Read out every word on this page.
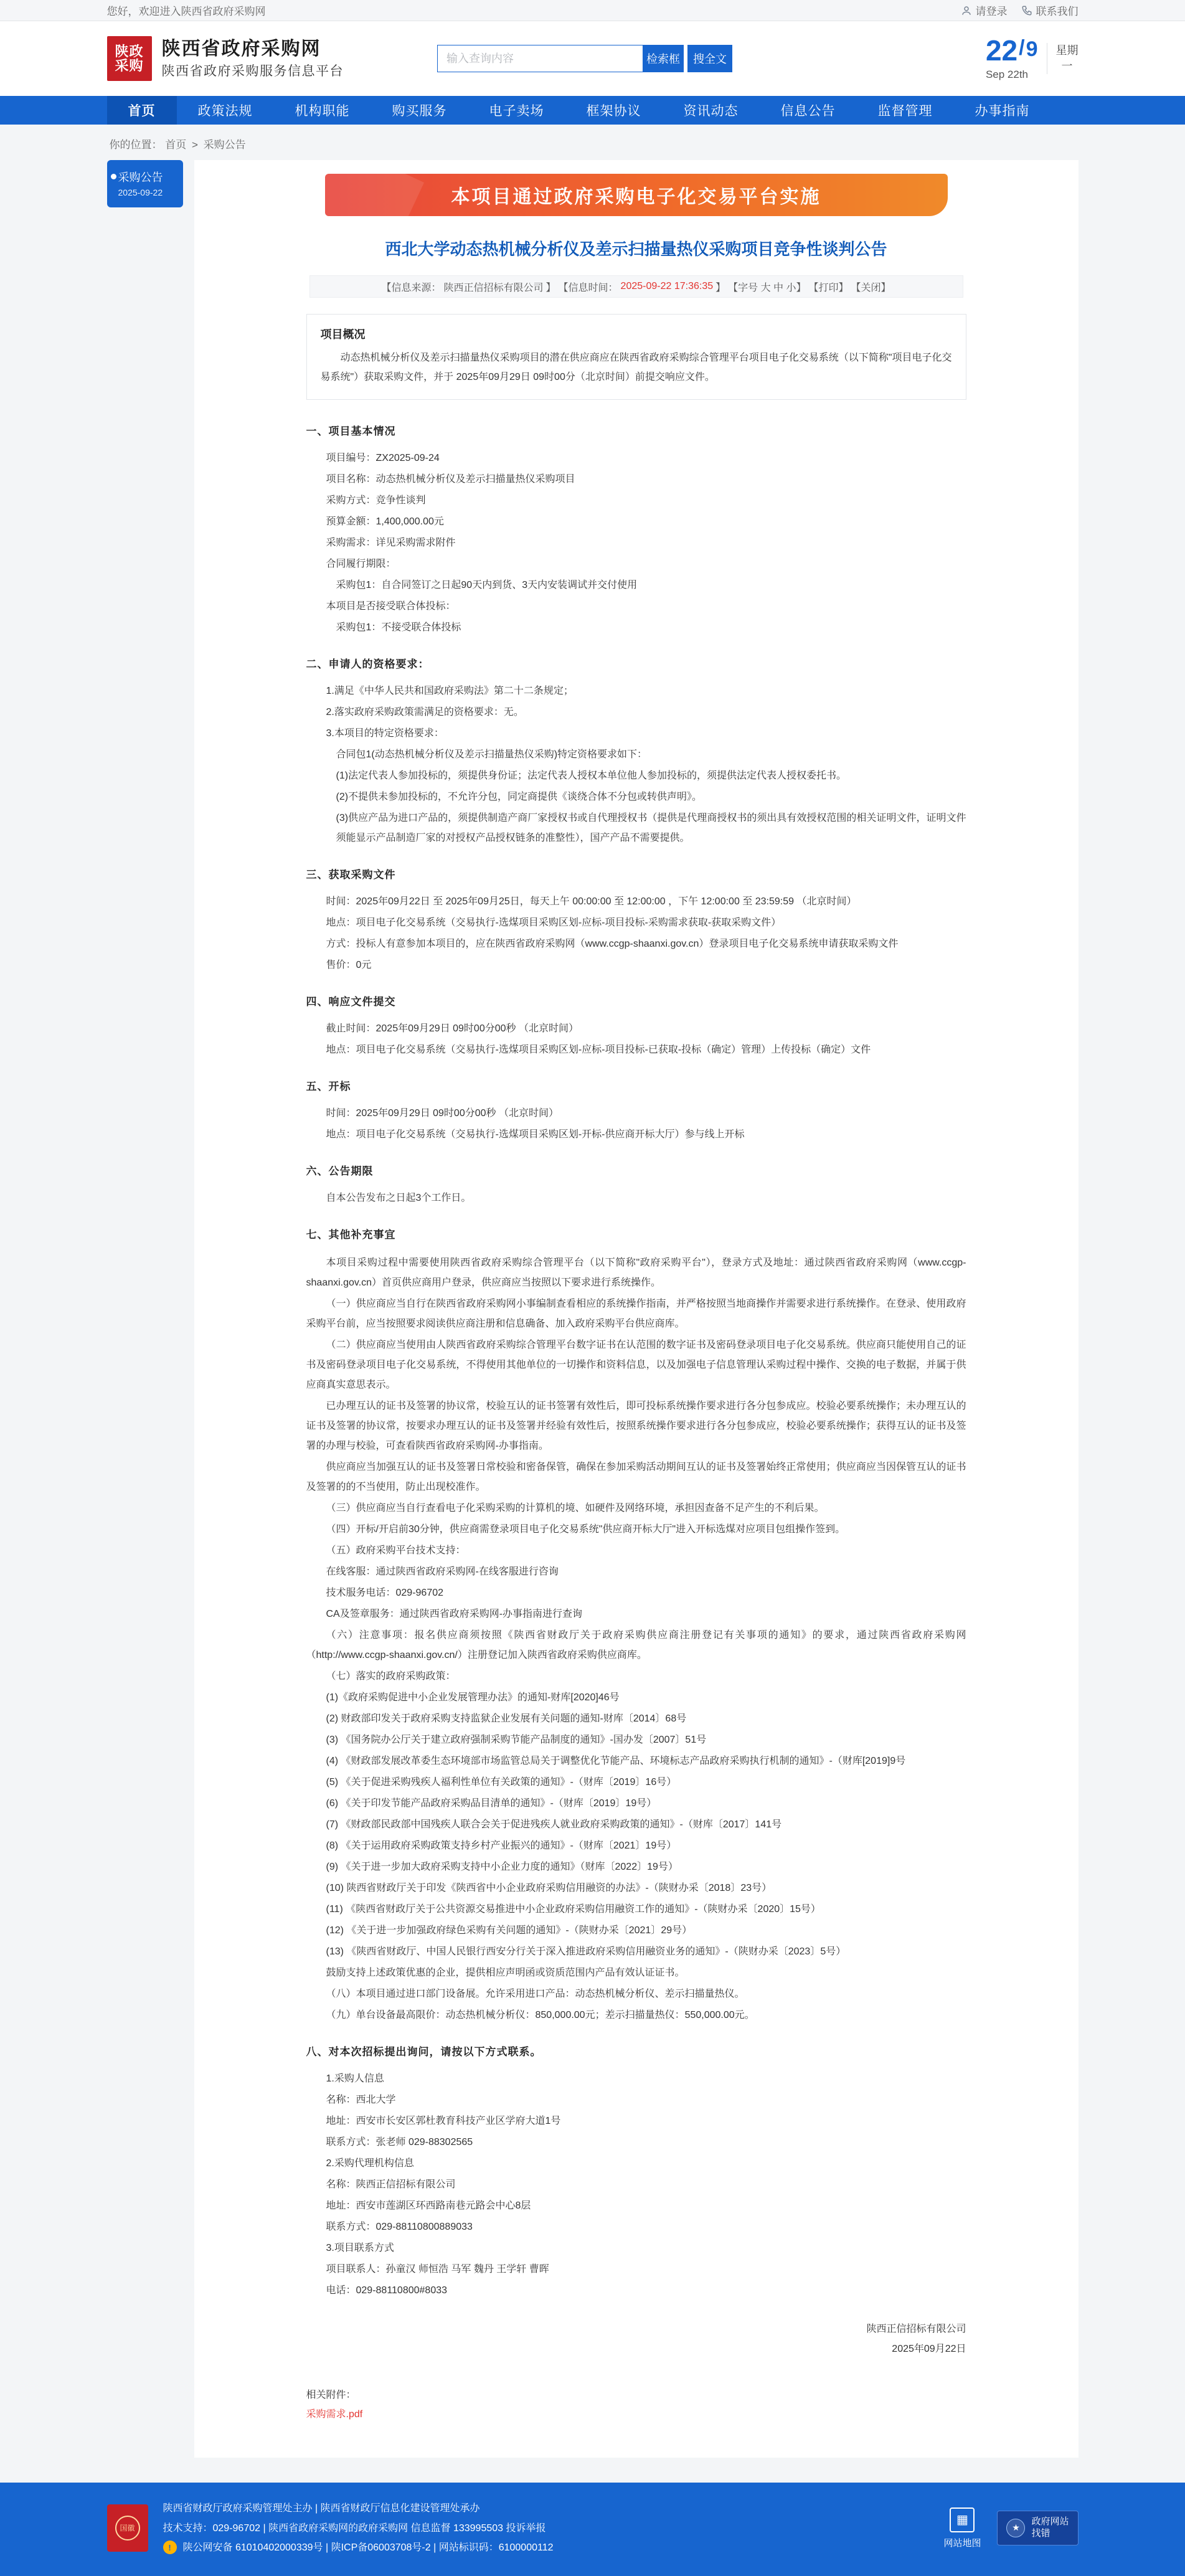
您好，欢迎进入陕西省政府采购网	请登录	联系我们
陕政
采购
陕西省政府采购网
陕西省政府采购服务信息平台
输入查询内容
检索框	搜全文	22 / 9
Sep 22th
星期
一
首页	政策法规	机构职能	购买服务	电子卖场	框架协议	资讯动态	信息公告	监督管理	办事指南
你的位置： 首页 > 采购公告
采购公告
2025-09-22	本项目通过政府采购电子化交易平台实施
西北大学动态热机械分析仪及差示扫描量热仪采购项目竞争性谈判公告
【信息来源： 陕西正信招标有限公司 】 【信息时间： 2025-09-22 17:36:35 】 【字号 大 中 小】 【打印】 【关闭】
项目概况

动态热机械分析仪及差示扫描量热仪采购项目的潜在供应商应在陕西省政府采购综合管理平台项目电子化交易系统（以下简称"项目电子化交易系统"）获取采购文件，并于 2025年09月29日 09时00分（北京时间）前提交响应文件。

一、项目基本情况

项目编号：ZX2025-09-24

项目名称：动态热机械分析仪及差示扫描量热仪采购项目

采购方式：竞争性谈判

预算金额：1,400,000.00元

采购需求：详见采购需求附件

合同履行期限：

采购包1：自合同签订之日起90天内到货、3天内安装调试并交付使用

本项目是否接受联合体投标：

采购包1：不接受联合体投标

二、申请人的资格要求：

1.满足《中华人民共和国政府采购法》第二十二条规定；

2.落实政府采购政策需满足的资格要求：无。

3.本项目的特定资格要求：

合同包1(动态热机械分析仪及差示扫描量热仪采购)特定资格要求如下：

(1)法定代表人参加投标的，须提供身份证；法定代表人授权本单位他人参加投标的，须提供法定代表人授权委托书。

(2)不提供未参加投标的，不允许分包，同定商提供《谈绕合体不分包或转供声明》。

(3)供应产品为进口产品的，须提供制造产商厂家授权书或自代理授权书（提供是代理商授权书的须出具有效授权范围的相关证明文件，证明文件须能显示产品制造厂家的对授权产品授权链条的准整性），国产产品不需要提供。

三、获取采购文件

时间：2025年09月22日 至 2025年09月25日，每天上午 00:00:00 至 12:00:00 ，下午 12:00:00 至 23:59:59 （北京时间）

地点：项目电子化交易系统（交易执行-选煤项目采购区划-应标-项目投标-采购需求获取-获取采购文件）

方式：投标人有意参加本项目的，应在陕西省政府采购网（www.ccgp-shaanxi.gov.cn）登录项目电子化交易系统申请获取采购文件

售价：0元

四、响应文件提交

截止时间：2025年09月29日 09时00分00秒 （北京时间）

地点：项目电子化交易系统（交易执行-选煤项目采购区划-应标-项目投标-已获取-投标（确定）管理）上传投标（确定）文件

五、开标

时间：2025年09月29日 09时00分00秒 （北京时间）

地点：项目电子化交易系统（交易执行-选煤项目采购区划-开标-供应商开标大厅）参与线上开标

六、公告期限

自本公告发布之日起3个工作日。

七、其他补充事宜

本项目采购过程中需要使用陕西省政府采购综合管理平台（以下简称"政府采购平台"），登录方式及地址：通过陕西省政府采购网（www.ccgp-shaanxi.gov.cn）首页供应商用户登录，供应商应当按照以下要求进行系统操作。

（一）供应商应当自行在陕西省政府采购网小事编制查看相应的系统操作指南，并严格按照当地商操作并需要求进行系统操作。在登录、使用政府采购平台前，应当按照要求阅读供应商注册和信息确备、加入政府采购平台供应商库。

（二）供应商应当使用由人陕西省政府采购综合管理平台数字证书在认范围的数字证书及密码登录项目电子化交易系统。供应商只能使用自己的证书及密码登录项目电子化交易系统，不得使用其他单位的一切操作和资料信息，以及加强电子信息管理认采购过程中操作、交换的电子数据，并属于供应商真实意思表示。

已办理互认的证书及签署的协议常，校验互认的证书签署有效性后，即可投标系统操作要求进行各分包参成应。校验必要系统操作；未办理互认的证书及签署的协议常，按要求办理互认的证书及签署并经验有效性后，按照系统操作要求进行各分包参成应，校验必要系统操作；获得互认的证书及签署的办理与校验，可查看陕西省政府采购网-办事指南。

供应商应当加强互认的证书及签署日常校验和密备保管，确保在参加采购活动期间互认的证书及签署始终正常使用；供应商应当因保管互认的证书及签署的的不当使用，防止出现校准作。

（三）供应商应当自行查看电子化采购采购的计算机的境、如硬件及网络环境，承担因查备不足产生的不利后果。

（四）开标/开启前30分钟，供应商需登录项目电子化交易系统"供应商开标大厅"进入开标选煤对应项目包组操作签到。

（五）政府采购平台技术支持：

在线客服：通过陕西省政府采购网-在线客服进行咨询

技术服务电话：029-96702

CA及签章服务：通过陕西省政府采购网-办事指南进行查询

（六）注意事项：报名供应商须按照《陕西省财政厅关于政府采购供应商注册登记有关事项的通知》的要求，通过陕西省政府采购网（http://www.ccgp-shaanxi.gov.cn/）注册登记加入陕西省政府采购供应商库。

（七）落实的政府采购政策：

(1)《政府采购促进中小企业发展管理办法》的通知-财库[2020]46号

(2) 财政部印发关于政府采购支持监狱企业发展有关问题的通知-财库〔2014〕68号

(3) 《国务院办公厅关于建立政府强制采购节能产品制度的通知》-国办发〔2007〕51号

(4) 《财政部发展改革委生态环境部市场监管总局关于调整优化节能产品、环境标志产品政府采购执行机制的通知》-（财库[2019]9号

(5) 《关于促进采购残疾人福利性单位有关政策的通知》-（财库〔2019〕16号）

(6) 《关于印发节能产品政府采购品目清单的通知》-（财库〔2019〕19号）

(7) 《财政部民政部中国残疾人联合会关于促进残疾人就业政府采购政策的通知》-（财库〔2017〕141号

(8) 《关于运用政府采购政策支持乡村产业振兴的通知》-（财库〔2021〕19号）

(9) 《关于进一步加大政府采购支持中小企业力度的通知》（财库〔2022〕19号）

(10) 陕西省财政厅关于印发《陕西省中小企业政府采购信用融资的办法》-（陕财办采〔2018〕23号）

(11) 《陕西省财政厅关于公共资源交易推进中小企业政府采购信用融资工作的通知》-（陕财办采〔2020〕15号）

(12) 《关于进一步加强政府绿色采购有关问题的通知》-（陕财办采〔2021〕29号）

(13) 《陕西省财政厅、中国人民银行西安分行关于深入推进政府采购信用融资业务的通知》-（陕财办采〔2023〕5号）

鼓励支持上述政策优惠的企业，提供相应声明函或资质范围内产品有效认证证书。

（八）本项目通过进口部门设备展。允许采用进口产品：动态热机械分析仪、差示扫描量热仪。

（九）单台设备最高限价：动态热机械分析仪：850,000.00元；差示扫描量热仪：550,000.00元。

八、对本次招标提出询问，请按以下方式联系。

1.采购人信息

名称：西北大学

地址：西安市长安区郭杜教育科技产业区学府大道1号

联系方式：张老师 029-88302565

2.采购代理机构信息

名称：陕西正信招标有限公司

地址：西安市莲湖区环西路南巷元路会中心8层

联系方式：029-88110800889033

3.项目联系方式

项目联系人：孙童汉 师恒浩 马军 魏丹 王学轩 曹晖

电话：029-88110800#8033

陕西正信招标有限公司
2025年09月22日
相关附件：
采购需求.pdf
国徽
陕西省财政厅政府采购管理处主办 | 陕西省财政厅信息化建设管理处承办
技术支持：029-96702 | 陕西省政府采购网的政府采购网 信息监督 133995503 投诉举报
!	陕公网安备 61010402000339号 | 陕ICP备06003708号-2 | 网站标识码：6100000112
▦
网站地图
★
政府网站
找错
